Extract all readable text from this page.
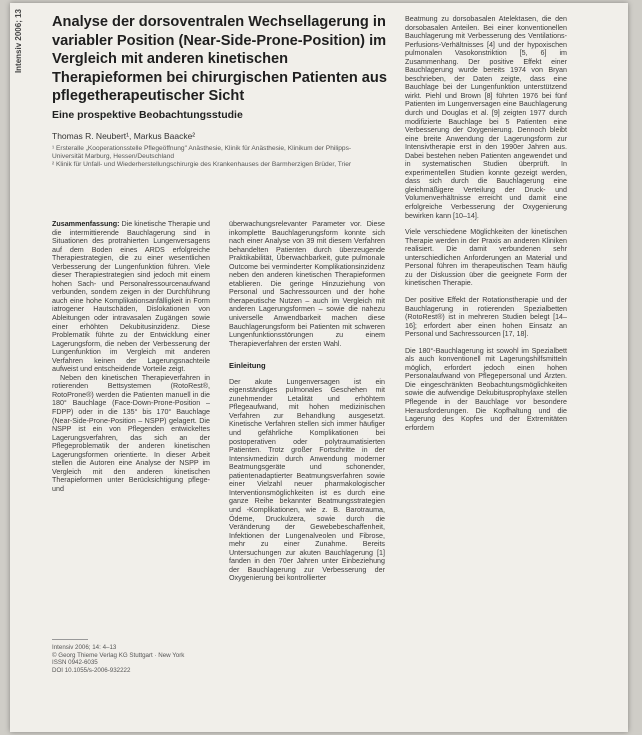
Intensiv 2006; 13 Analyse der dorsoventralen Wechsellagerung in variabler Position (Near-Side-Prone-Position) im Vergleich mit anderen kinetischen Therapieformen bei chirurgischen Patienten aus pflegetherapeutischer Sicht
Eine prospektive Beobachtungsstudie
Thomas R. Neubert¹, Markus Baacke²
¹ Ersteralle „Kooperationsstelle Pflegeöffnung" Anästhesie, Klinik für Anästhesie, Klinikum der Philipps-Universität Marburg, Hessen/Deutschland
² Klinik für Unfall- und Wiederherstellungschirurgie des Krankenhauses der Barmherzigen Brüder, Trier

Zusammenfassung: Die kinetische Therapie und die intermittierende Bauchlagerung sind in Situationen des protrahierten Lungenversagens auf dem Boden eines ARDS erfolgreiche Therapiestrategien, die zu einer wesentlichen Verbesserung der Lungenfunktion führen. Viele dieser Therapiestrategien sind jedoch mit einem hohen Sach- und Personalressourcenaufwand verbunden, sondern zeigen in der Durchführung auch eine hohe Komplikationsanfälligkeit in Form iatrogener Hautschäden, Dislokationen von Ableitungen oder intravasalen Zugängen sowie einer erhöhten Dekubitusinzidenz. Diese Problematik führte zu der Entwicklung einer Lagerungsform, die neben der Verbesserung der Lungenfunktion im Vergleich mit anderen Verfahren keinen der Lagerungsnachteile aufweist und entscheidende Vorteile zeigt.

Neben den kinetischen Therapieverfahren in rotierenden Bettsystemen (RotoRest®, RotoProne®) werden die Patienten manuell in die 180° Bauchlage (Face-Down-Prone-Position – FDPP) oder in die 135° bis 170° Bauchlage (Near-Side-Prone-Position – NSPP) gelagert. Die NSPP ist ein von Pflegenden entwickeltes Lagerungsverfahren, das sich an der Pflegeproblematik der anderen kinetischen Lagerungsformen orientierte. In dieser Arbeit stellen die Autoren eine Analyse der NSPP im Vergleich mit den anderen kinetischen Therapieformen unter Berücksichtigung pflege- und

überwachungsrelevanter Parameter vor. Diese inkomplette Bauchlagerungsform konnte sich nach einer Analyse von 39 mit diesem Verfahren behandelten Patienten durch überzeugende Praktikabilität, Überwachbarkeit, gute pulmonale Outcome bei verminderter Komplikationsinzidenz neben den anderen kinetischen Therapieformen etablieren. Die geringe Hinzuziehung von Personal und Sachressourcen und der hohe therapeutische Nutzen – auch im Vergleich mit anderen Lagerungsformen – sowie die nahezu universelle Anwendbarkeit machen diese Bauchlagerungsform bei Patienten mit schweren Lungenfunktionsstörungen zu einem Therapieverfahren der ersten Wahl.

Einleitung

Der akute Lungenversagen ist ein eigenständiges pulmonales Geschehen mit zunehmender Letalität und erhöhtem Pflegeaufwand, mit hohen medizinischen Verfahren zur Behandlung ausgesetzt. Kinetische Verfahren stellen sich immer häufiger und gefährliche Komplikationen bei postoperativen oder polytraumatisierten Patienten. Trotz großer Fortschritte in der Intensivmedizin durch Anwendung moderner Beatmungsgeräte und schonender, patientenadaptierter Beatmungsverfahren sowie einer Vielzahl neuer pharmakologischer Interventionsmöglichkeiten ist es durch eine ganze Reihe bekannter Beatmungsstrategien und -Komplikationen, wie z. B. Barotrauma, Ödeme, Druckulzera, sowie durch die Veränderung der Gewebebeschaffenheit, Infektionen der Lungenalveolen und Fibrose, mehr zu einer Zunahme. Bereits Untersuchungen zur akuten Bauchlagerung [1] fanden in den 70er Jahren unter Einbeziehung der Bauchlagerung zur Verbesserung der Oxygenierung bei kontrollierter

Beatmung zu dorsobasalen Atelektasen, die den dorsobasalen Anteilen. Bei einer konventionellen Bauchlagerung mit Verbesserung des Ventilations-Perfusions-Verhältnisses [4] und der hypoxischen pulmonalen Vasokonstriktion [5, 6] im Zusammenhang. Der positive Effekt einer Bauchlagerung wurde bereits 1974 von Bryan beschrieben, der Daten zeigte, dass eine Bauchlage bei der Lungenfunktion unterstützend wirkt. Piehl und Brown [8] führten 1976 bei fünf Patienten im Lungenversagen eine Bauchlagerung durch und Douglas et al. [9] zeigten 1977 durch modifizierte Bauchlage bei 5 Patienten eine Verbesserung der Oxygenierung. Dennoch bleibt eine breite Anwendung der Lagerungsform zur Intensivtherapie erst in den 1990er Jahren aus. Dabei bestehen neben Patienten angewendet und in systematischen Studien überprüft. In experimentellen Studien konnte gezeigt werden, dass sich durch die Bauchlagerung eine gleichmäßigere Verteilung der Druck- und Volumenverhältnisse erreicht und damit eine erfolgreiche Verbesserung der Oxygenierung bewirken kann [10–14].

Viele verschiedene Möglichkeiten der kinetischen Therapie werden in der Praxis an anderen Kliniken realisiert. Die damit verbundenen sehr unterschiedlichen Anforderungen an Material und Personal führen im therapeutischen Team häufig zu der Diskussion über die geeignete Form der kinetischen Therapie.

Der positive Effekt der Rotationstherapie und der Bauchlagerung in rotierenden Spezialbetten (RotoRest®) ist in mehreren Studien belegt [14–16]; erfordert aber einen hohen Einsatz an Personal und Sachressourcen [17, 18].

Die 180°-Bauchlagerung ist sowohl im Spezialbett als auch konventionell mit Lagerungshilfsmitteln möglich, erfordert jedoch einen hohen Personalaufwand von Pflegepersonal und Ärzten. Die eingeschränkten Beobachtungsmöglichkeiten sowie die aufwendige Dekubitusprophylaxe stellen Pflegende in der Bauchlage vor besondere Herausforderungen. Die Kopfhaltung und die Lagerung des Kopfes und der Extremitäten erfordern

Intensiv 2006; 14: 4–13
© Georg Thieme Verlag KG Stuttgart · New York
ISSN 0942-6035
DOI 10.1055/s-2006-932222
